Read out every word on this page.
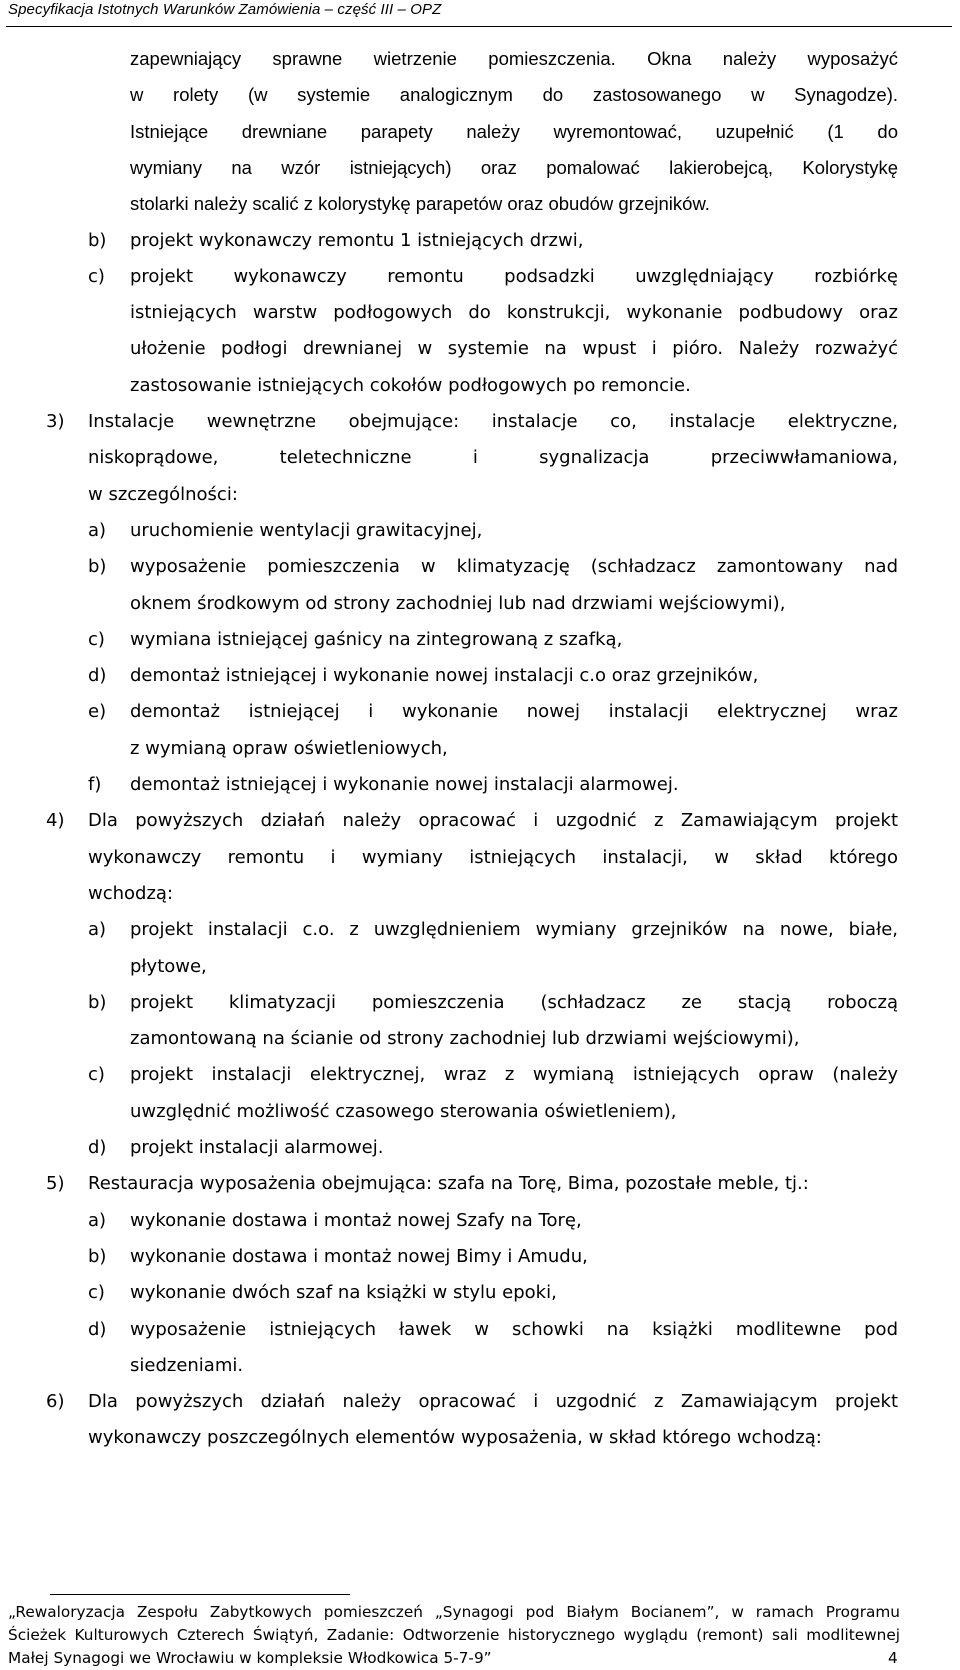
Specyfikacja Istotnych Warunków Zamówienia – część III – OPZ
zapewniający sprawne wietrzenie pomieszczenia. Okna należy wyposażyć
w rolety (w systemie analogicznym do zastosowanego w Synagodze).
Istniejące drewniane parapety należy wyremontować, uzupełnić (1 do
wymiany na wzór istniejących) oraz pomalować lakierobejcą, Kolorystykę
stolarki należy scalić z kolorystykę parapetów oraz obudów grzejników.
b) projekt wykonawczy remontu 1 istniejących drzwi,
c) projekt wykonawczy remontu podsadzki uwzględniający rozbiórkę
istniejących warstw podłogowych do konstrukcji, wykonanie podbudowy oraz
ułożenie podłogi drewnianej w systemie na wpust i pióro. Należy rozważyć
zastosowanie istniejących cokołów podłogowych po remoncie.
3) Instalacje wewnętrzne obejmujące: instalacje co, instalacje elektryczne,
niskoprądowe, teletechniczne i sygnalizacja przeciwwłamaniowa,
w szczególności:
a) uruchomienie wentylacji grawitacyjnej,
b) wyposażenie pomieszczenia w klimatyzację (schładzacz zamontowany nad
oknem środkowym od strony zachodniej lub nad drzwiami wejściowymi),
c) wymiana istniejącej gaśnicy na zintegrowaną z szafką,
d) demontaż istniejącej i wykonanie nowej instalacji c.o oraz grzejników,
e) demontaż istniejącej i wykonanie nowej instalacji elektrycznej wraz
z wymianą opraw oświetleniowych,
f) demontaż istniejącej i wykonanie nowej instalacji alarmowej.
4) Dla powyższych działań należy opracować i uzgodnić z Zamawiającym projekt
wykonawczy remontu i wymiany istniejących instalacji, w skład którego
wchodzą:
a) projekt instalacji c.o. z uwzględnieniem wymiany grzejników na nowe, białe,
płytowe,
b) projekt klimatyzacji pomieszczenia (schładzacz ze stacją roboczą
zamontowaną na ścianie od strony zachodniej lub drzwiami wejściowymi),
c) projekt instalacji elektrycznej, wraz z wymianą istniejących opraw (należy
uwzględnić możliwość czasowego sterowania oświetleniem),
d) projekt instalacji alarmowej.
5) Restauracja wyposażenia obejmująca: szafa na Torę, Bima, pozostałe meble, tj.:
a) wykonanie dostawa i montaż nowej Szafy na Torę,
b) wykonanie dostawa i montaż nowej Bimy i Amudu,
c) wykonanie dwóch szaf na książki w stylu epoki,
d) wyposażenie istniejących ławek w schowki na książki modlitewne pod
siedzeniami.
6) Dla powyższych działań należy opracować i uzgodnić z Zamawiającym projekt
wykonawczy poszczególnych elementów wyposażenia, w skład którego wchodzą:
„Rewaloryzacja Zespołu Zabytkowych pomieszczeń „Synagogi pod Białym Bocianem”, w ramach Programu
Ścieżek Kulturowych Czterech Świątyń, Zadanie: Odtworzenie historycznego wyglądu (remont) sali modlitewnej
Małej Synagogi we Wrocławiu w kompleksie Włodkowica 5-7-9”	4
